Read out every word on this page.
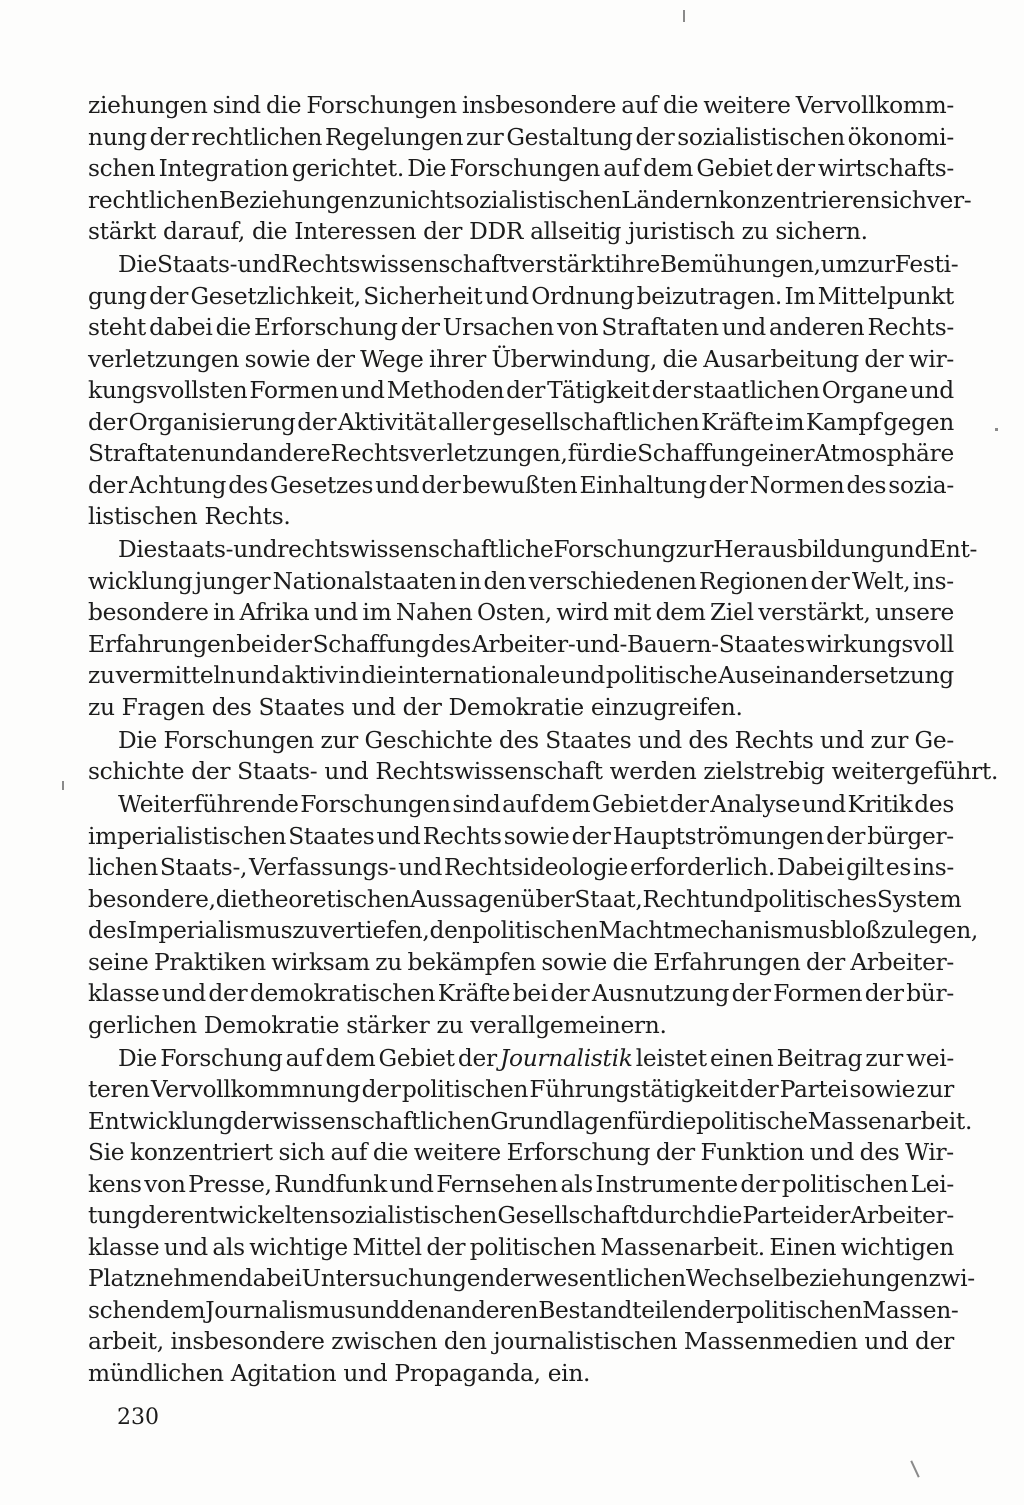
ziehungen sind die Forschungen insbesondere auf die weitere Vervollkomm-
nung der rechtlichen Regelungen zur Gestaltung der sozialistischen ökonomi-
schen Integration gerichtet. Die Forschungen auf dem Gebiet der wirtschafts-
rechtlichen Beziehungen zu nichtsozialistischen Ländern konzentrieren sich ver-
stärkt darauf, die Interessen der DDR allseitig juristisch zu sichern.
Die Staats- und Rechtswissenschaft verstärkt ihre Bemühungen, um zur Festi-
gung der Gesetzlichkeit, Sicherheit und Ordnung beizutragen. Im Mittelpunkt
steht dabei die Erforschung der Ursachen von Straftaten und anderen Rechts-
verletzungen sowie der Wege ihrer Überwindung, die Ausarbeitung der wir-
kungsvollsten Formen und Methoden der Tätigkeit der staatlichen Organe und
der Organisierung der Aktivität aller gesellschaftlichen Kräfte im Kampf gegen
Straftaten und andere Rechtsverletzungen, für die Schaffung einer Atmosphäre
der Achtung des Gesetzes und der bewußten Einhaltung der Normen des sozia-
listischen Rechts.
Die staats- und rechtswissenschaftliche Forschung zur Herausbildung und Ent-
wicklung junger Nationalstaaten in den verschiedenen Regionen der Welt, ins-
besondere in Afrika und im Nahen Osten, wird mit dem Ziel verstärkt, unsere
Erfahrungen bei der Schaffung des Arbeiter-und-Bauern-Staates wirkungsvoll
zu vermitteln und aktiv in die internationale und politische Auseinandersetzung
zu Fragen des Staates und der Demokratie einzugreifen.
Die Forschungen zur Geschichte des Staates und des Rechts und zur Ge-
schichte der Staats- und Rechtswissenschaft werden zielstrebig weitergeführt.
Weiterführende Forschungen sind auf dem Gebiet der Analyse und Kritik des
imperialistischen Staates und Rechts sowie der Hauptströmungen der bürger-
lichen Staats-, Verfassungs- und Rechtsideologie erforderlich. Dabei gilt es ins-
besondere, die theoretischen Aussagen über Staat, Recht und politisches System
des Imperialismus zu vertiefen, den politischen Machtmechanismus bloßzulegen,
seine Praktiken wirksam zu bekämpfen sowie die Erfahrungen der Arbeiter-
klasse und der demokratischen Kräfte bei der Ausnutzung der Formen der bür-
gerlichen Demokratie stärker zu verallgemeinern.
Die Forschung auf dem Gebiet der Journalistik leistet einen Beitrag zur wei-
teren Vervollkommnung der politischen Führungstätigkeit der Partei sowie zur
Entwicklung der wissenschaftlichen Grundlagen für die politische Massenarbeit.
Sie konzentriert sich auf die weitere Erforschung der Funktion und des Wir-
kens von Presse, Rundfunk und Fernsehen als Instrumente der politischen Lei-
tung der entwickelten sozialistischen Gesellschaft durch die Partei der Arbeiter-
klasse und als wichtige Mittel der politischen Massenarbeit. Einen wichtigen
Platz nehmen dabei Untersuchungen der wesentlichen Wechselbeziehungen zwi-
schen dem Journalismus und den anderen Bestandteilen der politischen Massen-
arbeit, insbesondere zwischen den journalistischen Massenmedien und der
mündlichen Agitation und Propaganda, ein.
230
